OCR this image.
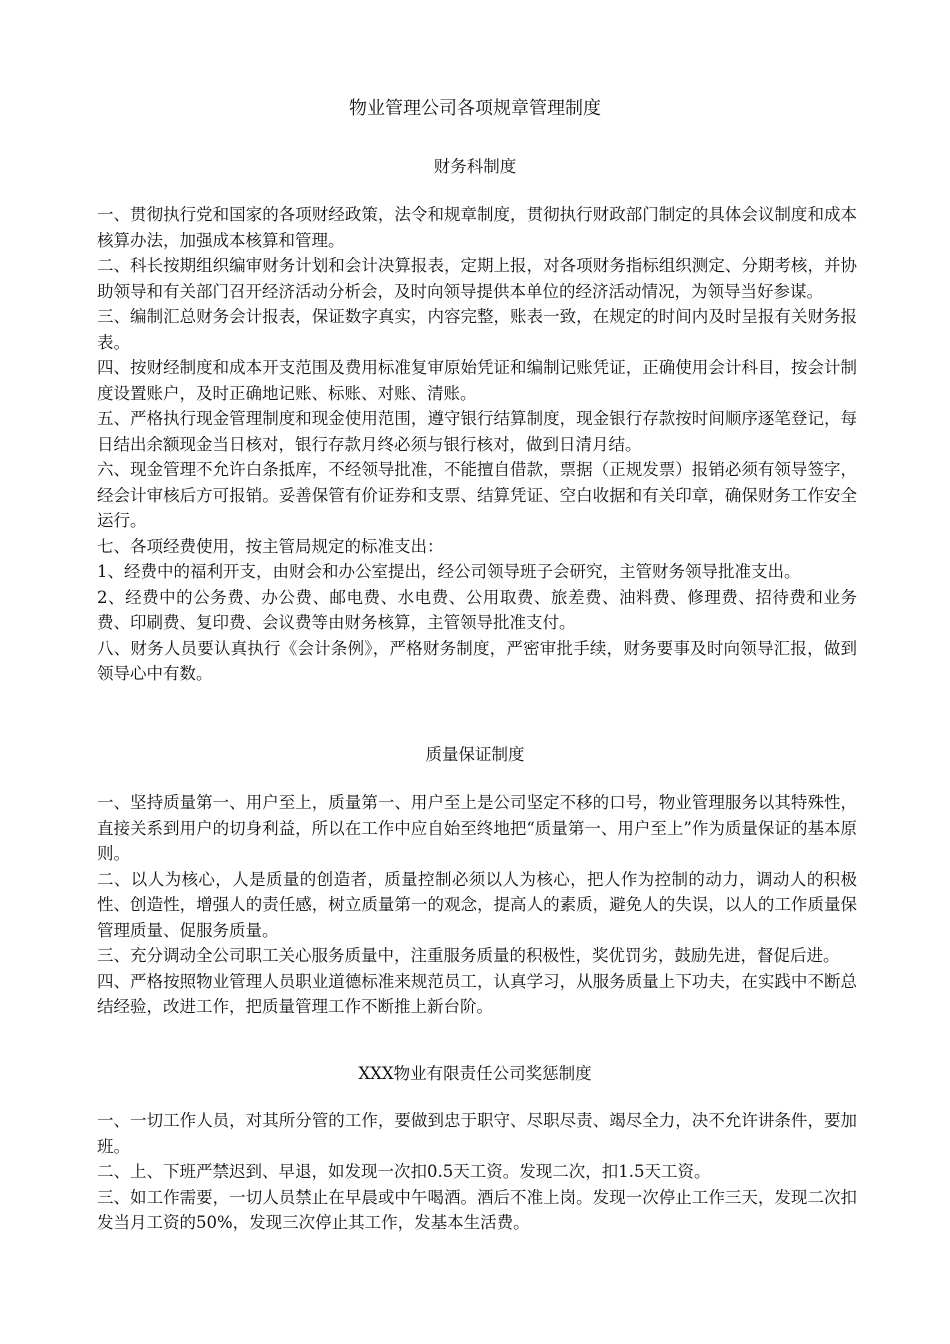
物业管理公司各项规章管理制度
财务科制度

一、贯彻执行党和国家的各项财经政策，法令和规章制度，贯彻执行财政部门制定的具体会议制度和成本核算办法，加强成本核算和管理。

二、科长按期组织编审财务计划和会计决算报表，定期上报，对各项财务指标组织测定、分期考核，并协助领导和有关部门召开经济活动分析会，及时向领导提供本单位的经济活动情况，为领导当好参谋。

三、编制汇总财务会计报表，保证数字真实，内容完整，账表一致，在规定的时间内及时呈报有关财务报表。

四、按财经制度和成本开支范围及费用标准复审原始凭证和编制记账凭证，正确使用会计科目，按会计制度设置账户，及时正确地记账、标账、对账、清账。

五、严格执行现金管理制度和现金使用范围，遵守银行结算制度，现金银行存款按时间顺序逐笔登记，每日结出余额现金当日核对，银行存款月终必须与银行核对，做到日清月结。

六、现金管理不允许白条抵库，不经领导批准，不能擅自借款，票据（正规发票）报销必须有领导签字，经会计审核后方可报销。妥善保管有价证券和支票、结算凭证、空白收据和有关印章，确保财务工作安全运行。

七、各项经费使用，按主管局规定的标准支出：

1、经费中的福利开支，由财会和办公室提出，经公司领导班子会研究，主管财务领导批准支出。

2、经费中的公务费、办公费、邮电费、水电费、公用取费、旅差费、油料费、修理费、招待费和业务费、印刷费、复印费、会议费等由财务核算，主管领导批准支付。

八、财务人员要认真执行《会计条例》，严格财务制度，严密审批手续，财务要事及时向领导汇报，做到领导心中有数。

质量保证制度

一、坚持质量第一、用户至上，质量第一、用户至上是公司坚定不移的口号，物业管理服务以其特殊性，直接关系到用户的切身利益，所以在工作中应自始至终地把“质量第一、用户至上”作为质量保证的基本原则。

二、以人为核心，人是质量的创造者，质量控制必须以人为核心，把人作为控制的动力，调动人的积极性、创造性，增强人的责任感，树立质量第一的观念，提高人的素质，避免人的失误，以人的工作质量保管理质量、促服务质量。

三、充分调动全公司职工关心服务质量中，注重服务质量的积极性，奖优罚劣，鼓励先进，督促后进。

四、严格按照物业管理人员职业道德标准来规范员工，认真学习，从服务质量上下功夫，在实践中不断总结经验，改进工作，把质量管理工作不断推上新台阶。

XXX物业有限责任公司奖惩制度

一、一切工作人员，对其所分管的工作，要做到忠于职守、尽职尽责、竭尽全力，决不允许讲条件，要加班。

二、上、下班严禁迟到、早退，如发现一次扣0.5天工资。发现二次，扣1.5天工资。

三、如工作需要，一切人员禁止在早晨或中午喝酒。酒后不准上岗。发现一次停止工作三天，发现二次扣发当月工资的50%，发现三次停止其工作，发基本生活费。
